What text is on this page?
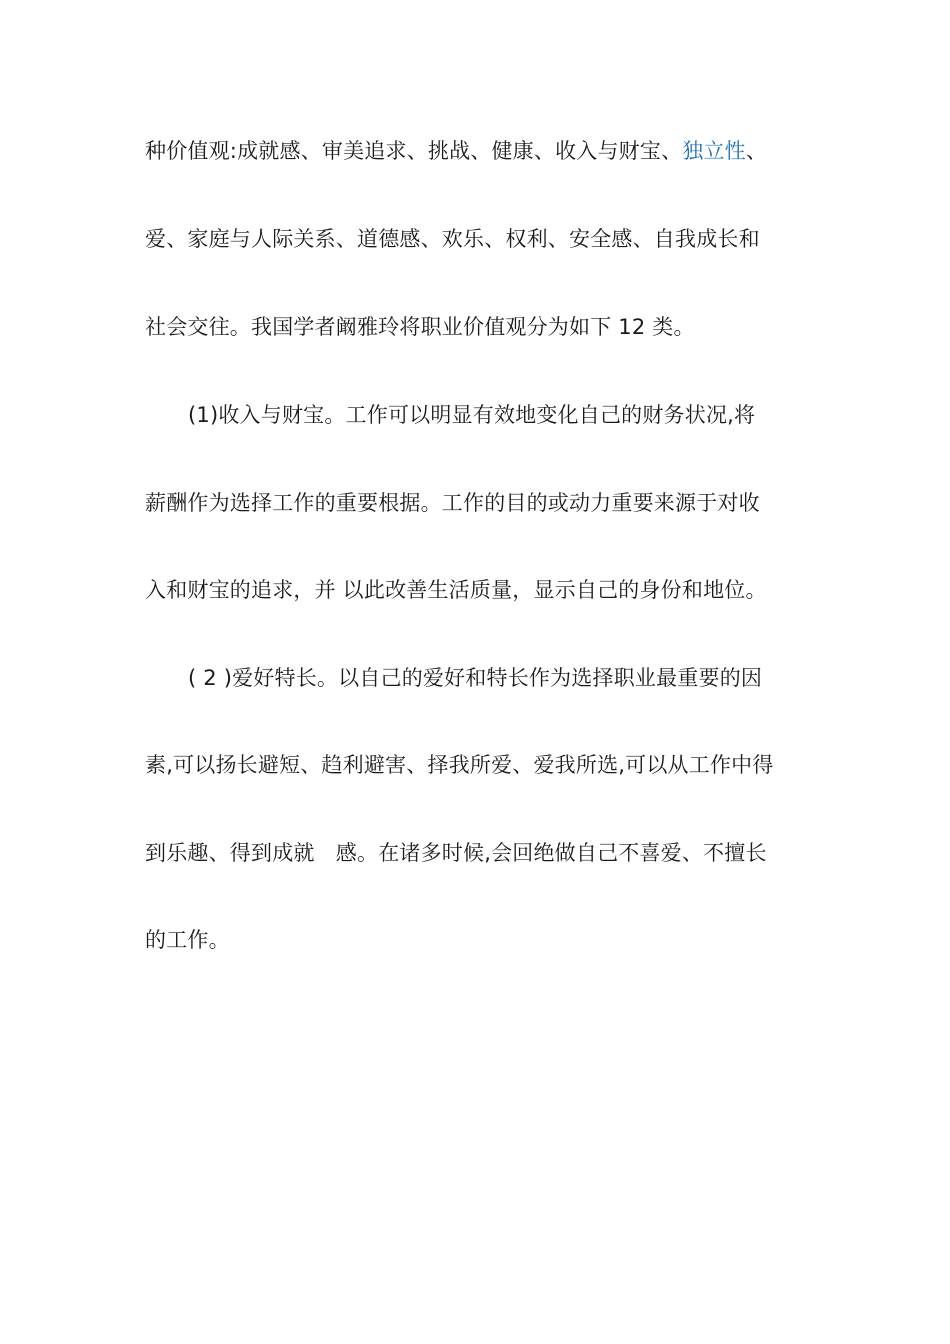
种价值观:成就感、审美追求、挑战、健康、收入与财宝、独立性、
爱、家庭与人际关系、道德感、欢乐、权利、安全感、自我成长和
社会交往。我国学者阚雅玲将职业价值观分为如下 12 类。
(1)收入与财宝。工作可以明显有效地变化自己的财务状况,将
薪酬作为选择工作的重要根据。工作的目的或动力重要来源于对收
入和财宝的追求，并 以此改善生活质量，显示自己的身份和地位。
( 2 )爱好特长。以自己的爱好和特长作为选择职业最重要的因
素,可以扬长避短、趋利避害、择我所爱、爱我所选,可以从工作中得
到乐趣、得到成就　感。在诸多时候,会回绝做自己不喜爱、不擅长
的工作。
